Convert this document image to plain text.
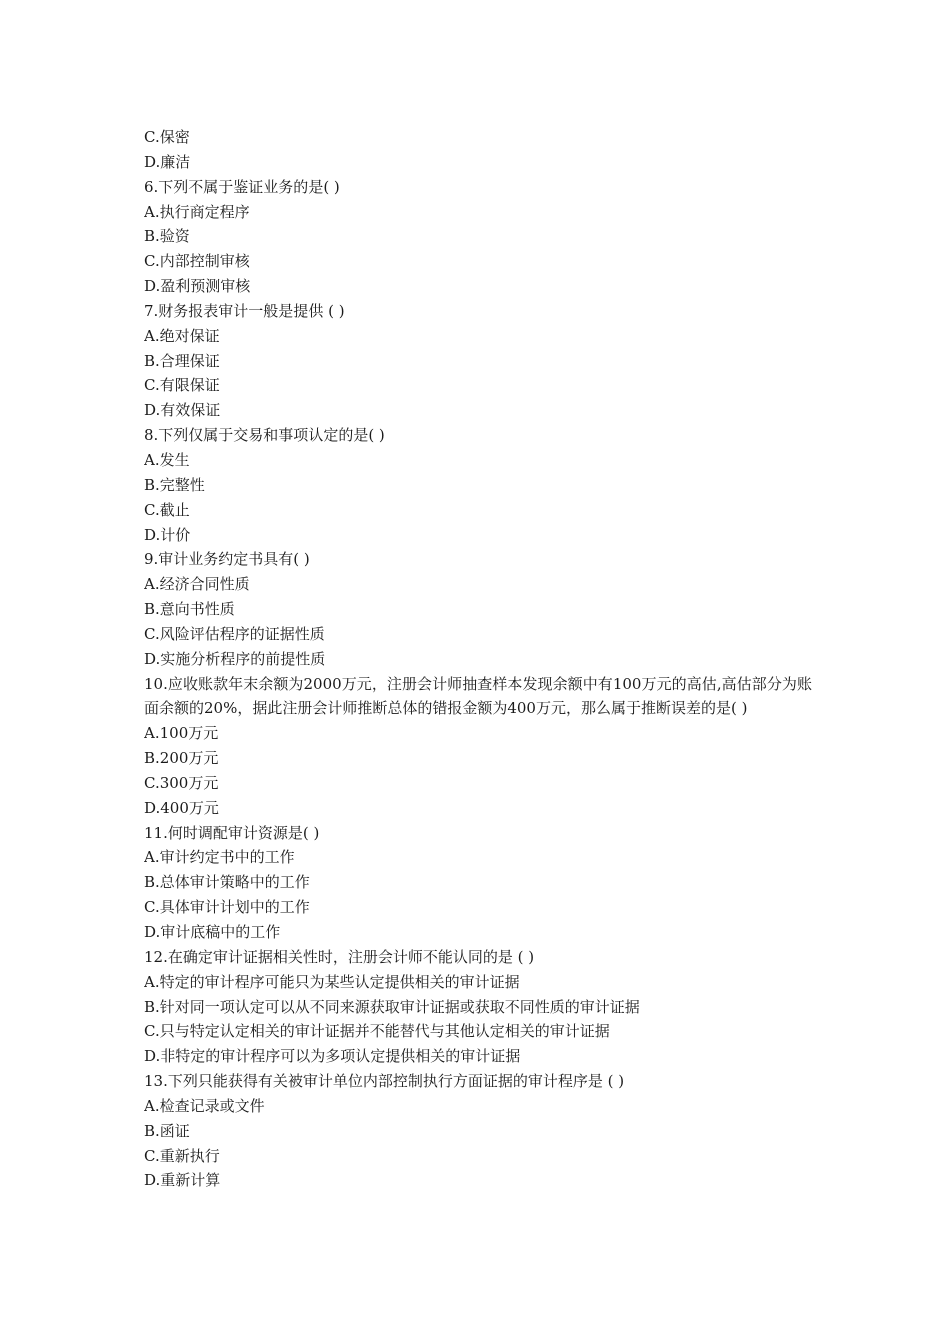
C.保密
D.廉洁
6.下列不属于鉴证业务的是( )
A.执行商定程序
B.验资
C.内部控制审核
D.盈利预测审核
7.财务报表审计一般是提供 ( )
A.绝对保证
B.合理保证
C.有限保证
D.有效保证
8.下列仅属于交易和事项认定的是( )
A.发生
B.完整性
C.截止
D.计价
9.审计业务约定书具有( )
A.经济合同性质
B.意向书性质
C.风险评估程序的证据性质
D.实施分析程序的前提性质
10.应收账款年末余额为2000万元，注册会计师抽查样本发现余额中有100万元的高估,高估部分为账面余额的20%，据此注册会计师推断总体的错报金额为400万元，那么属于推断误差的是( )
A.100万元
B.200万元
C.300万元
D.400万元
11.何时调配审计资源是( )
A.审计约定书中的工作
B.总体审计策略中的工作
C.具体审计计划中的工作
D.审计底稿中的工作
12.在确定审计证据相关性时，注册会计师不能认同的是 ( )
A.特定的审计程序可能只为某些认定提供相关的审计证据
B.针对同一项认定可以从不同来源获取审计证据或获取不同性质的审计证据
C.只与特定认定相关的审计证据并不能替代与其他认定相关的审计证据
D.非特定的审计程序可以为多项认定提供相关的审计证据
13.下列只能获得有关被审计单位内部控制执行方面证据的审计程序是 ( )
A.检查记录或文件
B.函证
C.重新执行
D.重新计算
